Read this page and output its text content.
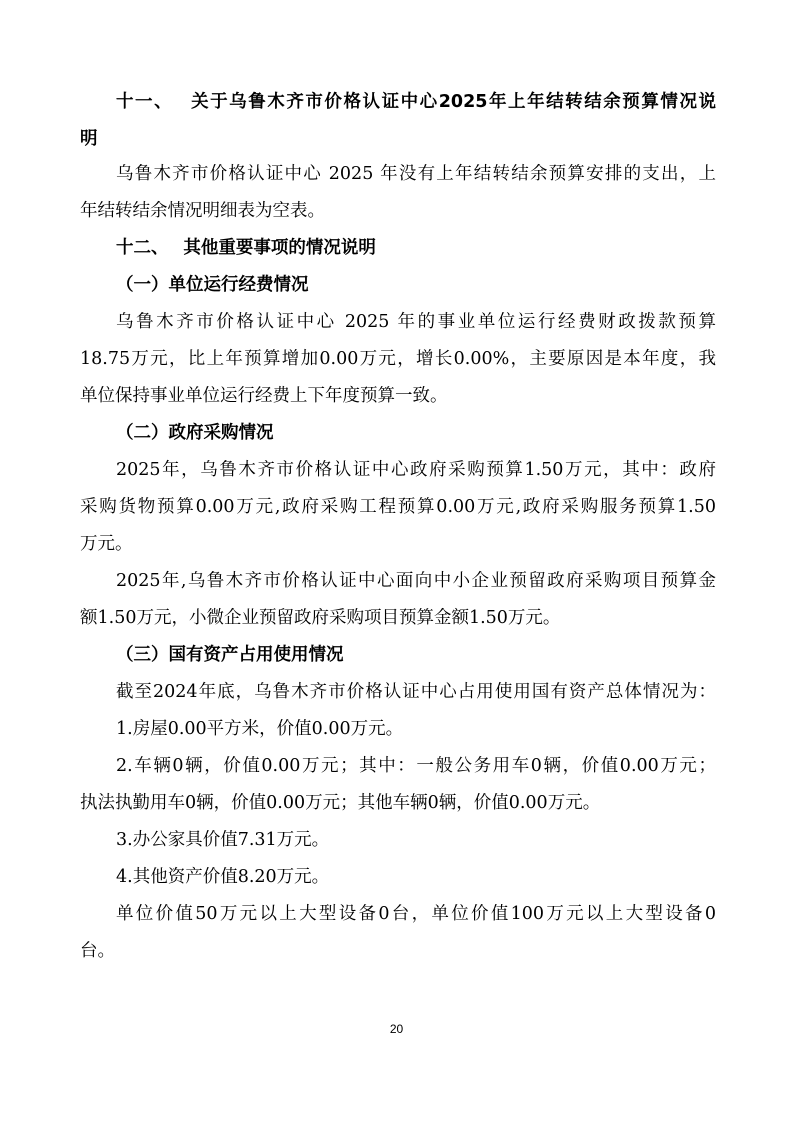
十一、　 关于乌鲁木齐市价格认证中心2025年上年结转结余预算情况说
明
乌鲁木齐市价格认证中心 2025 年没有上年结转结余预算安排的支出，上
年结转结余情况明细表为空表。
十二、　 其他重要事项的情况说明
（一）单位运行经费情况
乌鲁木齐市价格认证中心 2025 年的事业单位运行经费财政拨款预算
18.75万元，比上年预算增加0.00万元，增长0.00%，主要原因是本年度，我
单位保持事业单位运行经费上下年度预算一致。
（二）政府采购情况
2025年，乌鲁木齐市价格认证中心政府采购预算1.50万元，其中：政府
采购货物预算0.00万元,政府采购工程预算0.00万元,政府采购服务预算1.50
万元。
2025年,乌鲁木齐市价格认证中心面向中小企业预留政府采购项目预算金
额1.50万元，小微企业预留政府采购项目预算金额1.50万元。
（三）国有资产占用使用情况
截至2024年底，乌鲁木齐市价格认证中心占用使用国有资产总体情况为：
1.房屋0.00平方米，价值0.00万元。
2.车辆0辆，价值0.00万元；其中：一般公务用车0辆，价值0.00万元；
执法执勤用车0辆，价值0.00万元；其他车辆0辆，价值0.00万元。
3.办公家具价值7.31万元。
4.其他资产价值8.20万元。
单位价值50万元以上大型设备0台，单位价值100万元以上大型设备0
台。
20
